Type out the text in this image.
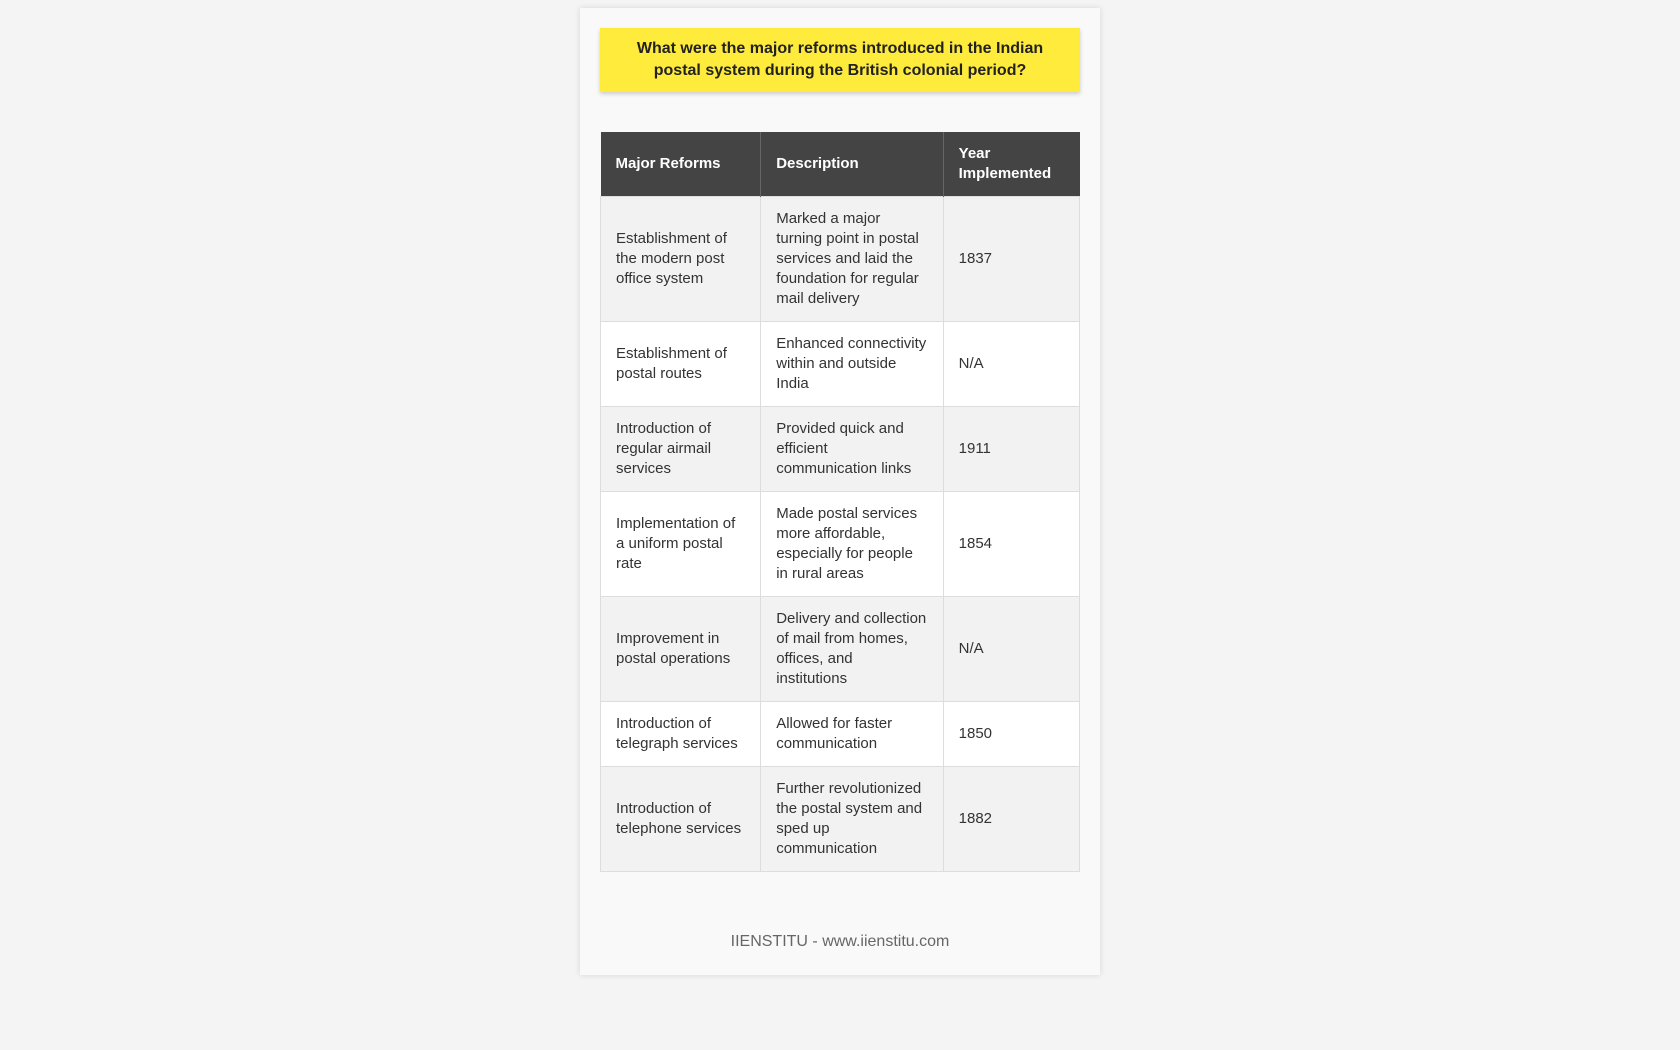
What were the major reforms introduced in the Indian postal system during the British colonial period?
Major Reforms	Description	Year Implemented
Establishment of the modern post office system	Marked a major turning point in postal services and laid the foundation for regular mail delivery	1837
Establishment of postal routes	Enhanced connectivity within and outside India	N/A
Introduction of regular airmail services	Provided quick and efficient communication links	1911
Implementation of a uniform postal rate	Made postal services more affordable, especially for people in rural areas	1854
Improvement in postal operations	Delivery and collection of mail from homes, offices, and institutions	N/A
Introduction of telegraph services	Allowed for faster communication	1850
Introduction of telephone services	Further revolutionized the postal system and sped up communication	1882
IIENSTITU - www.iienstitu.com
